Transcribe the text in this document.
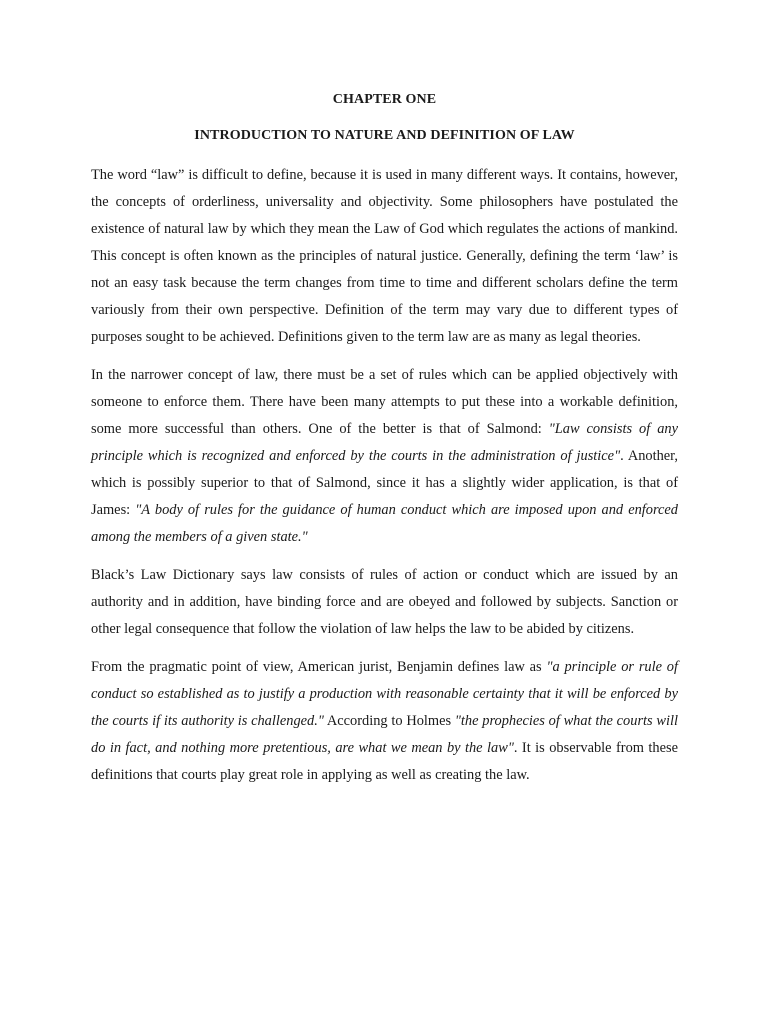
CHAPTER ONE
INTRODUCTION TO NATURE AND DEFINITION OF LAW

The word “law” is difficult to define, because it is used in many different ways. It contains, however, the concepts of orderliness, universality and objectivity. Some philosophers have postulated the existence of natural law by which they mean the Law of God which regulates the actions of mankind. This concept is often known as the principles of natural justice. Generally, defining the term ‘law’ is not an easy task because the term changes from time to time and different scholars define the term variously from their own perspective. Definition of the term may vary due to different types of purposes sought to be achieved. Definitions given to the term law are as many as legal theories.

In the narrower concept of law, there must be a set of rules which can be applied objectively with someone to enforce them. There have been many attempts to put these into a workable definition, some more successful than others. One of the better is that of Salmond: "Law consists of any principle which is recognized and enforced by the courts in the administration of justice". Another, which is possibly superior to that of Salmond, since it has a slightly wider application, is that of James: "A body of rules for the guidance of human conduct which are imposed upon and enforced among the members of a given state."

Black’s Law Dictionary says law consists of rules of action or conduct which are issued by an authority and in addition, have binding force and are obeyed and followed by subjects. Sanction or other legal consequence that follow the violation of law helps the law to be abided by citizens.

From the pragmatic point of view, American jurist, Benjamin defines law as "a principle or rule of conduct so established as to justify a production with reasonable certainty that it will be enforced by the courts if its authority is challenged." According to Holmes "the prophecies of what the courts will do in fact, and nothing more pretentious, are what we mean by the law". It is observable from these definitions that courts play great role in applying as well as creating the law.
